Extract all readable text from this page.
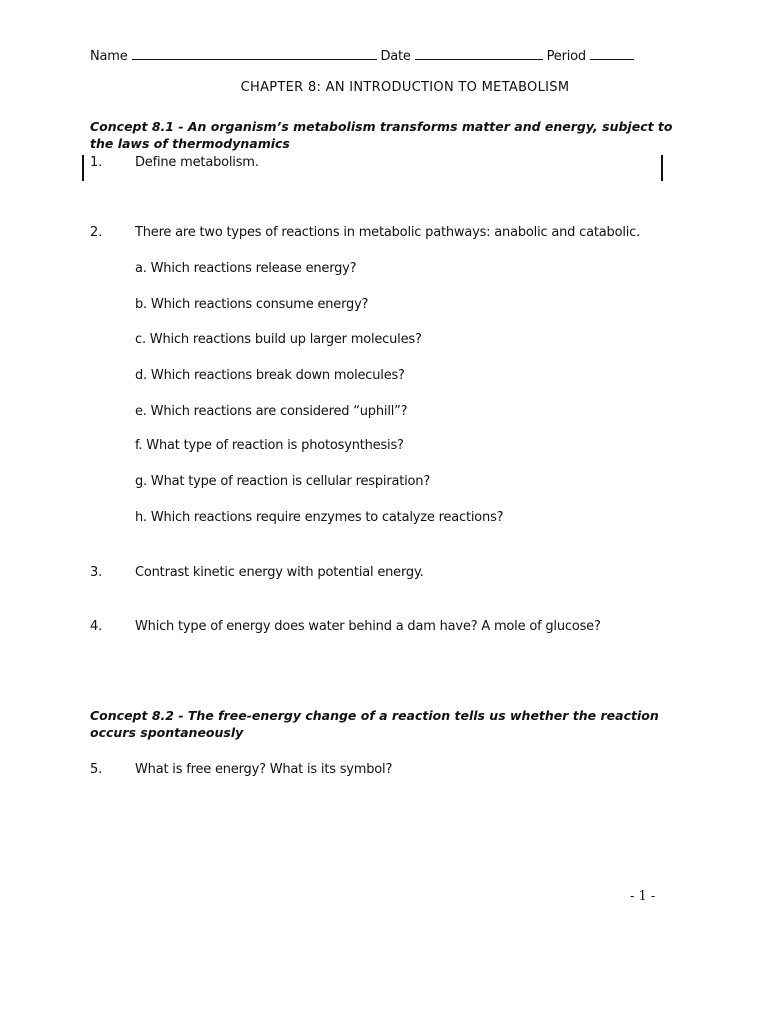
Name	Date	Period
CHAPTER 8: AN INTRODUCTION TO METABOLISM
Concept 8.1 - An organism’s metabolism transforms matter and energy, subject to the laws of thermodynamics
1.	Define metabolism.
2.	There are two types of reactions in metabolic pathways: anabolic and catabolic.
a. Which reactions release energy?
b. Which reactions consume energy?
c. Which reactions build up larger molecules?
d. Which reactions break down molecules?
e. Which reactions are considered “uphill”?
f. What type of reaction is photosynthesis?
g. What type of reaction is cellular respiration?
h. Which reactions require enzymes to catalyze reactions?
3.	Contrast kinetic energy with potential energy.
4.	Which type of energy does water behind a dam have? A mole of glucose?
Concept 8.2 - The free-energy change of a reaction tells us whether the reaction occurs spontaneously
5.	What is free energy? What is its symbol?
- 1 -
